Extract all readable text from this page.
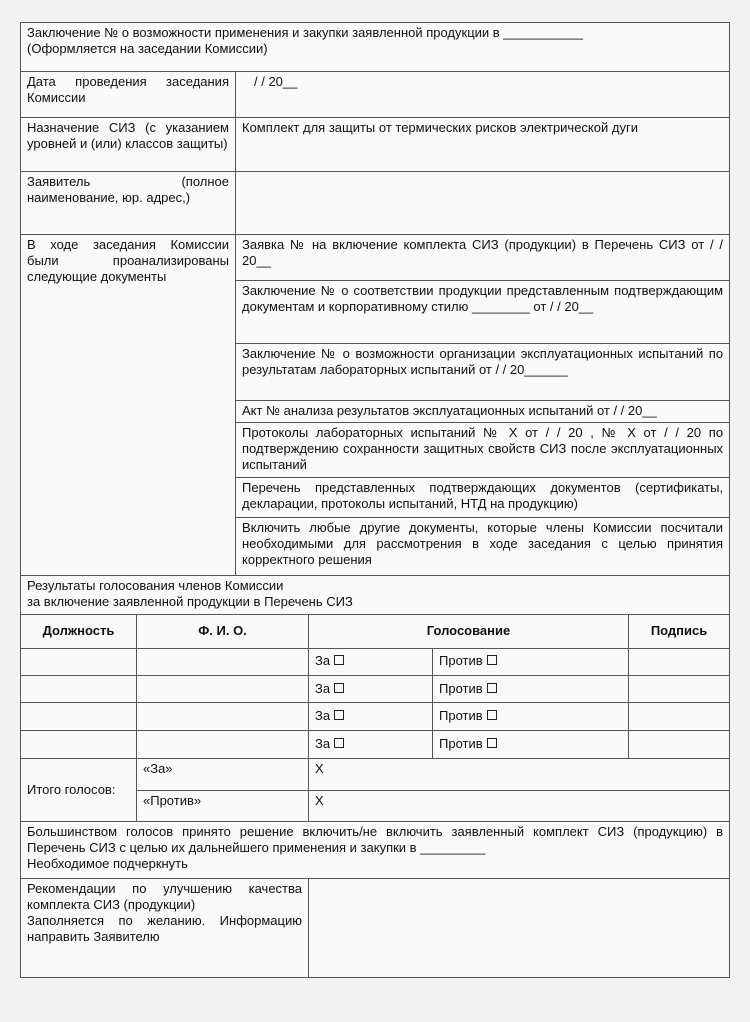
Заключение № о возможности применения и закупки заявленной продукции в ___________
(Оформляется на заседании Комиссии)					

Дата проведения заседания Комиссии		/ / 20__			
Назначение СИЗ (с указанием уровней и (или) классов защиты)		Комплект для защиты от термических рисков электрической дуги			
Заявитель (полное наименование, юр. адрес,)					
В ходе заседания Комиссии были проанализированы следующие документы		Заявка № на включение комплекта СИЗ (продукции) в Перечень СИЗ от / / 20__			
		Заключение № о соответствии продукции представленным подтверждающим документам и корпоративному стилю ________ от / / 20__			
		Заключение № о возможности организации эксплуатационных испытаний по результатам лабораторных испытаний от / / 20______			
		Акт № анализа результатов эксплуатационных испытаний от / / 20__			
		Протоколы лабораторных испытаний № X от / / 20 , № X от / / 20 по подтверждению сохранности защитных свойств СИЗ после эксплуатационных испытаний			
		Перечень представленных подтверждающих документов (сертификаты, декларации, протоколы испытаний, НТД на продукцию)			
		Включить любые другие документы, которые члены Комиссии посчитали необходимыми для рассмотрения в ходе заседания с целью принятия корректного решения			

Результаты голосования членов Комиссии
за включение заявленной продукции в Перечень СИЗ					

Должность	Ф. И. О.		Голосование		Подпись
			За	Против	
			За	Против	
			За	Против	
			За	Против	
Итого голосов:	«За»		X		
	«Против»		X		

Большинством голосов принято решение включить/не включить заявленный комплект СИЗ (продукцию) в Перечень СИЗ с целью их дальнейшего применения и закупки в _________
Необходимое подчеркнуть					

Рекомендации по улучшению качества комплекта СИЗ (продукции)
Заполняется по желанию. Информацию направить Заявителю					
